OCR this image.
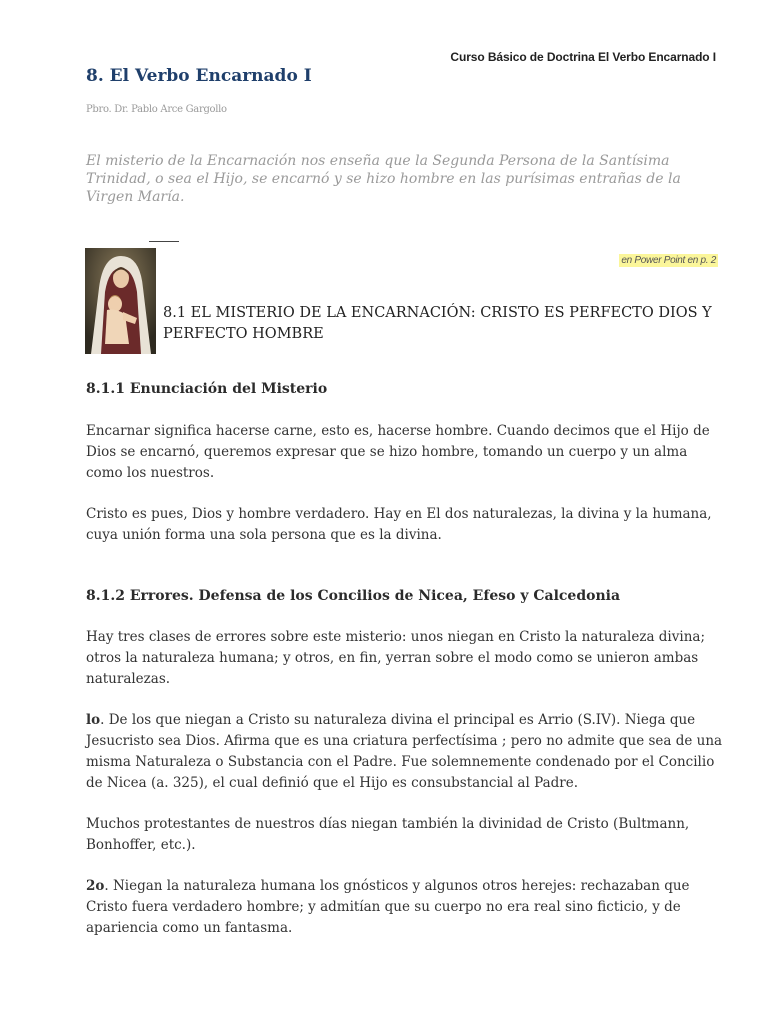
Curso Básico de Doctrina El Verbo Encarnado I
8. El Verbo Encarnado I
Pbro. Dr. Pablo Arce Gargollo
El misterio de la Encarnación nos enseña que la Segunda Persona de la Santísima Trinidad, o sea el Hijo, se encarnó y se hizo hombre en las purísimas entrañas de la Virgen María.
en Power Point en p. 2
8.1 EL MISTERIO DE LA ENCARNACIÓN: CRISTO ES PERFECTO DIOS Y PERFECTO HOMBRE
8.1.1 Enunciación del Misterio
Encarnar significa hacerse carne, esto es, hacerse hombre. Cuando decimos que el Hijo de Dios se encarnó, queremos expresar que se hizo hombre, tomando un cuerpo y un alma como los nuestros.
Cristo es pues, Dios y hombre verdadero. Hay en El dos naturalezas, la divina y la humana, cuya unión forma una sola persona que es la divina.
8.1.2 Errores. Defensa de los Concilios de Nicea, Efeso y Calcedonia
Hay tres clases de errores sobre este misterio: unos niegan en Cristo la naturaleza divina; otros la naturaleza humana; y otros, en fin, yerran sobre el modo como se unieron ambas naturalezas.
lo. De los que niegan a Cristo su naturaleza divina el principal es Arrio (S.IV). Niega que Jesucristo sea Dios. Afirma que es una criatura perfectísima ; pero no admite que sea de una misma Naturaleza o Substancia con el Padre. Fue solemnemente condenado por el Concilio de Nicea (a. 325), el cual definió que el Hijo es consubstancial al Padre.
Muchos protestantes de nuestros días niegan también la divinidad de Cristo (Bultmann, Bonhoffer, etc.).
2o. Niegan la naturaleza humana los gnósticos y algunos otros herejes: rechazaban que Cristo fuera verdadero hombre; y admitían que su cuerpo no era real sino ficticio, y de apariencia como un fantasma.
